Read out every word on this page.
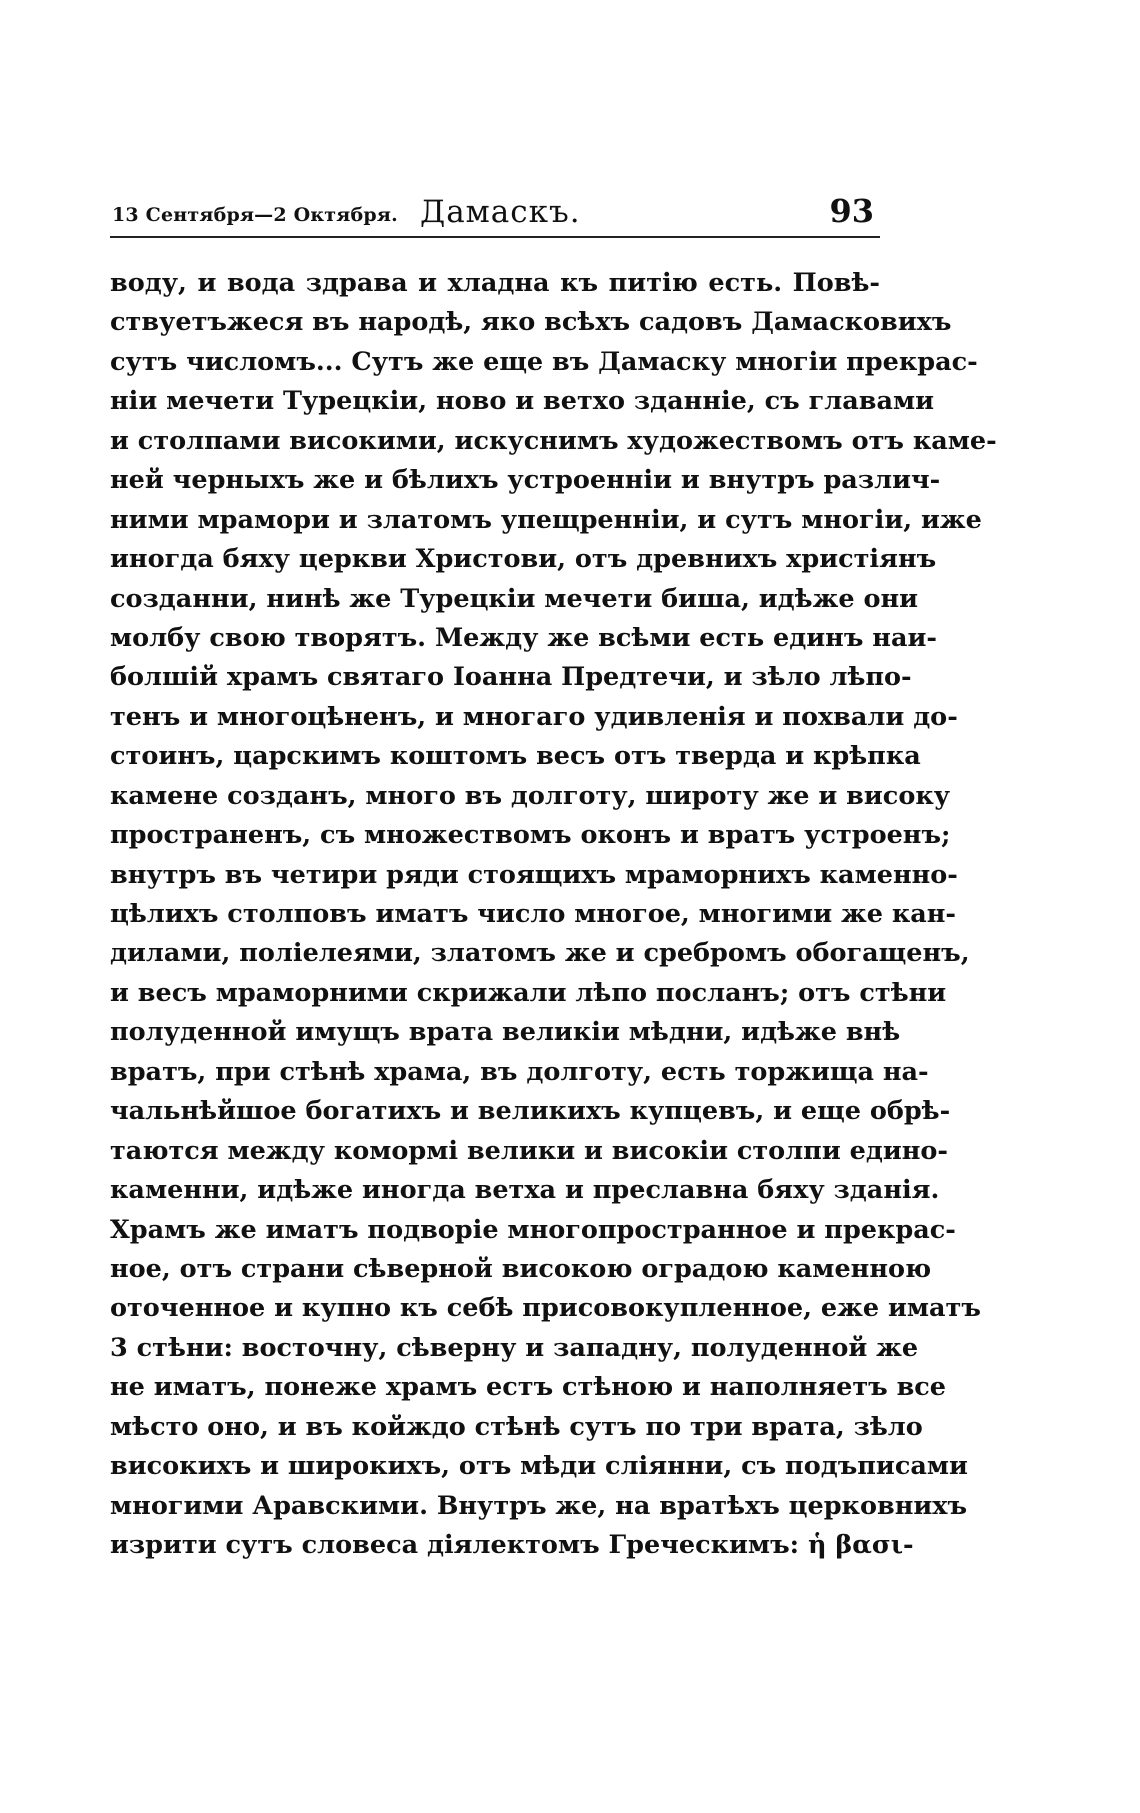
13 Сентября—2 Октября. Дамаскъ.	93
воду, и вода здрава и хладна къ питію есть. Повѣ-
ствуетъжеся въ народѣ, яко всѣхъ садовъ Дамасковихъ
сутъ числомъ... Сутъ же еще въ Дамаску многіи прекрас-
ніи мечети Турецкіи, ново и ветхо зданніе, съ главами
и столпами високими, искуснимъ художествомъ отъ каме-
ней черныхъ же и бѣлихъ устроенніи и внутръ различ-
ними мрамори и златомъ упещренніи, и сутъ многіи, иже
иногда бяху церкви Христови, отъ древнихъ христіянъ
созданни, нинѣ же Турецкіи мечети биша, идѣже они
молбу свою творятъ. Между же всѣми есть единъ наи-
болшій храмъ святаго Іоанна Предтечи, и зѣло лѣпо-
тенъ и многоцѣненъ, и многаго удивленія и похвали до-
стоинъ, царскимъ коштомъ весъ отъ тверда и крѣпка
камене созданъ, много въ долготу, широту же и високу
пространенъ, съ множествомъ оконъ и вратъ устроенъ;
внутръ въ четири ряди стоящихъ мраморнихъ каменно-
цѣлихъ столповъ иматъ число многое, многими же кан-
дилами, полiелеями, златомъ же и сребромъ обогащенъ,
и весъ мраморними скрижали лѣпо посланъ; отъ стѣни
полуденной имущъ врата великіи мѣдни, идѣже внѣ
вратъ, при стѣнѣ храма, въ долготу, есть торжища на-
чальнѣйшое богатихъ и великихъ купцевъ, и еще обрѣ-
таются между комормі велики и високіи столпи едино-
каменни, идѣже иногда ветха и преславна бяху зданія.
Храмъ же иматъ подворіе многопространное и прекрас-
ное, отъ страни сѣверной високою оградою каменною
оточенное и купно къ себѣ присовокупленное, еже иматъ
3 стѣни: восточну, сѣверну и западну, полуденной же
не иматъ, понеже храмъ естъ стѣною и наполняетъ все
мѣсто оно, и въ койждо стѣнѣ сутъ по три врата, зѣло
високихъ и широкихъ, отъ мѣди слiянни, съ подъписами
многими Аравскими. Внутръ же, на вратѣхъ церковнихъ
изрити сутъ словеса діялектомъ Греческимъ: ἡ βασι-
